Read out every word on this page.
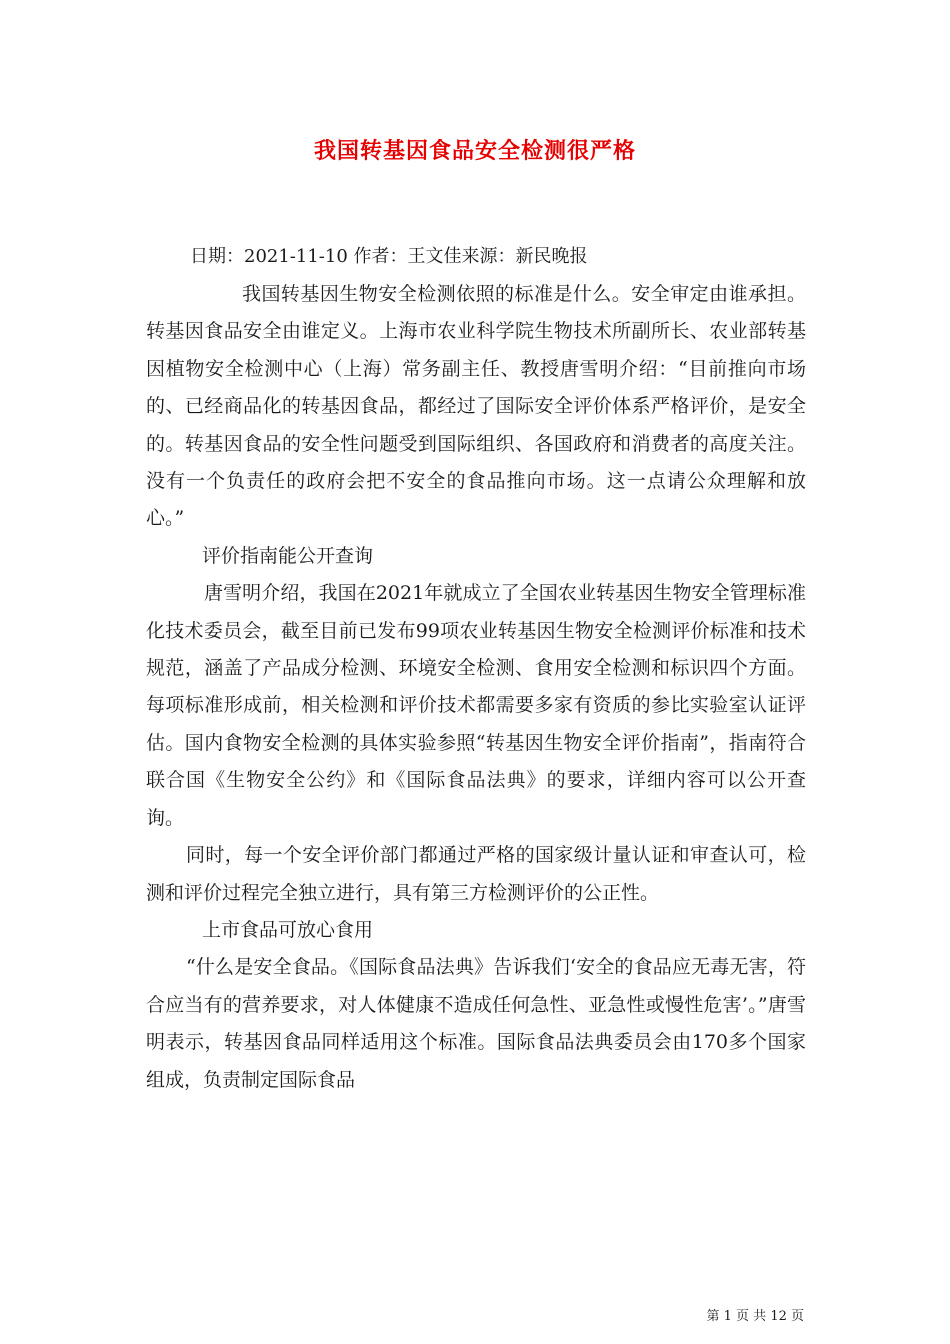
我国转基因食品安全检测很严格
日期：2021-11-10 作者：王文佳来源：新民晚报

我国转基因生物安全检测依照的标准是什么。安全审定由谁承担。转基因食品安全由谁定义。上海市农业科学院生物技术所副所长、农业部转基因植物安全检测中心（上海）常务副主任、教授唐雪明介绍：“目前推向市场的、已经商品化的转基因食品，都经过了国际安全评价体系严格评价，是安全的。转基因食品的安全性问题受到国际组织、各国政府和消费者的高度关注。没有一个负责任的政府会把不安全的食品推向市场。这一点请公众理解和放心。”

评价指南能公开查询

唐雪明介绍，我国在2021年就成立了全国农业转基因生物安全管理标准化技术委员会，截至目前已发布99项农业转基因生物安全检测评价标准和技术规范，涵盖了产品成分检测、环境安全检测、食用安全检测和标识四个方面。每项标准形成前，相关检测和评价技术都需要多家有资质的参比实验室认证评估。国内食物安全检测的具体实验参照“转基因生物安全评价指南”，指南符合联合国《生物安全公约》和《国际食品法典》的要求，详细内容可以公开查询。

同时，每一个安全评价部门都通过严格的国家级计量认证和审查认可，检测和评价过程完全独立进行，具有第三方检测评价的公正性。

上市食品可放心食用

“什么是安全食品。《国际食品法典》告诉我们‘安全的食品应无毒无害，符合应当有的营养要求，对人体健康不造成任何急性、亚急性或慢性危害’。”唐雪明表示，转基因食品同样适用这个标准。国际食品法典委员会由170多个国家组成，负责制定国际食品

第 1 页 共 12 页
